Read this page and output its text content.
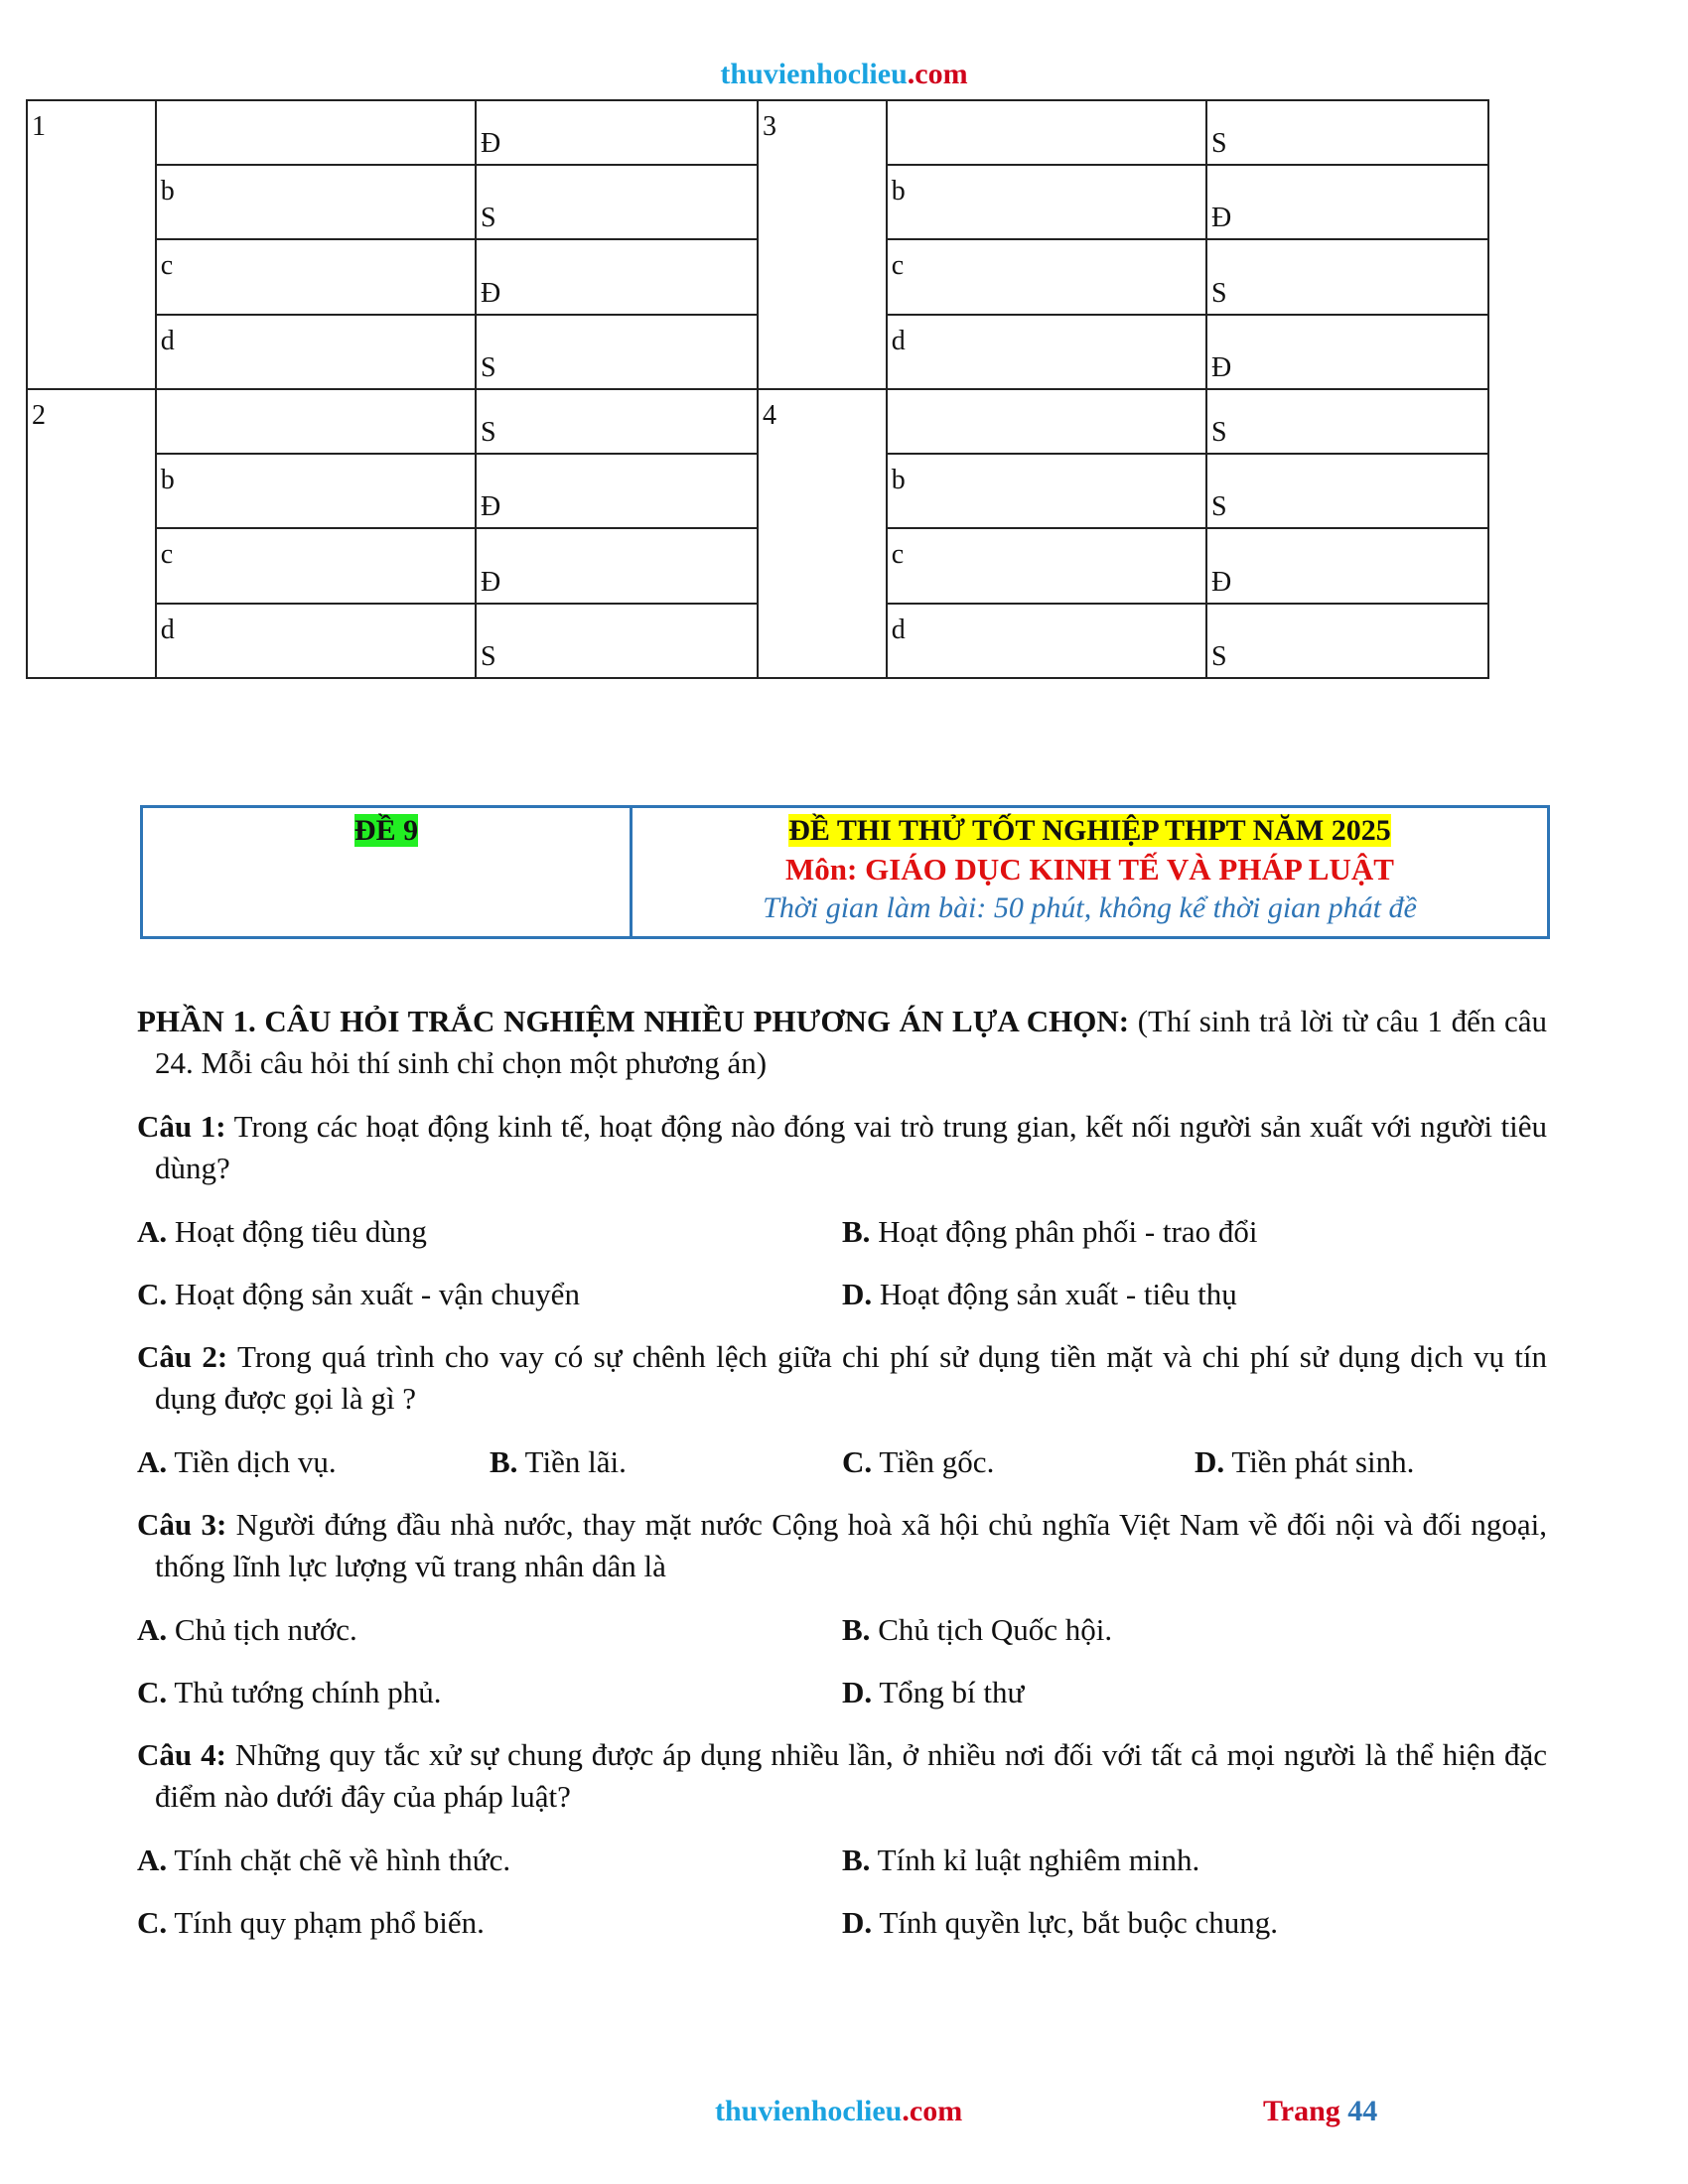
thuvienhoclieu.com
1		Đ	3		S
	b	S		b	Đ
	c	Đ		c	S
	d	S		d	Đ
2		S	4		S
	b	Đ		b	S
	c	Đ		c	Đ
	d	S		d	S
ĐỀ 9	ĐỀ THI THỬ TỐT NGHIỆP THPT NĂM 2025
Môn: GIÁO DỤC KINH TẾ VÀ PHÁP LUẬT
Thời gian làm bài: 50 phút, không kể thời gian phát đề

PHẦN 1. CÂU HỎI TRẮC NGHIỆM NHIỀU PHƯƠNG ÁN LỰA CHỌN: (Thí sinh trả lời từ câu 1 đến câu 24. Mỗi câu hỏi thí sinh chỉ chọn một phương án)

Câu 1: Trong các hoạt động kinh tế, hoạt động nào đóng vai trò trung gian, kết nối người sản xuất với người tiêu dùng?

A. Hoạt động tiêu dùng	B. Hoạt động phân phối - trao đổi
C. Hoạt động sản xuất - vận chuyển	D. Hoạt động sản xuất - tiêu thụ

Câu 2: Trong quá trình cho vay có sự chênh lệch giữa chi phí sử dụng tiền mặt và chi phí sử dụng dịch vụ tín dụng được gọi là gì ?

A. Tiền dịch vụ.	B. Tiền lãi.	C. Tiền gốc.	D. Tiền phát sinh.

Câu 3: Người đứng đầu nhà nước, thay mặt nước Cộng hoà xã hội chủ nghĩa Việt Nam về đối nội và đối ngoại, thống lĩnh lực lượng vũ trang nhân dân là

A. Chủ tịch nước.	B. Chủ tịch Quốc hội.
C. Thủ tướng chính phủ.	D. Tổng bí thư

Câu 4: Những quy tắc xử sự chung được áp dụng nhiều lần, ở nhiều nơi đối với tất cả mọi người là thể hiện đặc điểm nào dưới đây của pháp luật?

A. Tính chặt chẽ về hình thức.	B. Tính kỉ luật nghiêm minh.
C. Tính quy phạm phổ biến.	D. Tính quyền lực, bắt buộc chung.
thuvienhoclieu.com	Trang 44
